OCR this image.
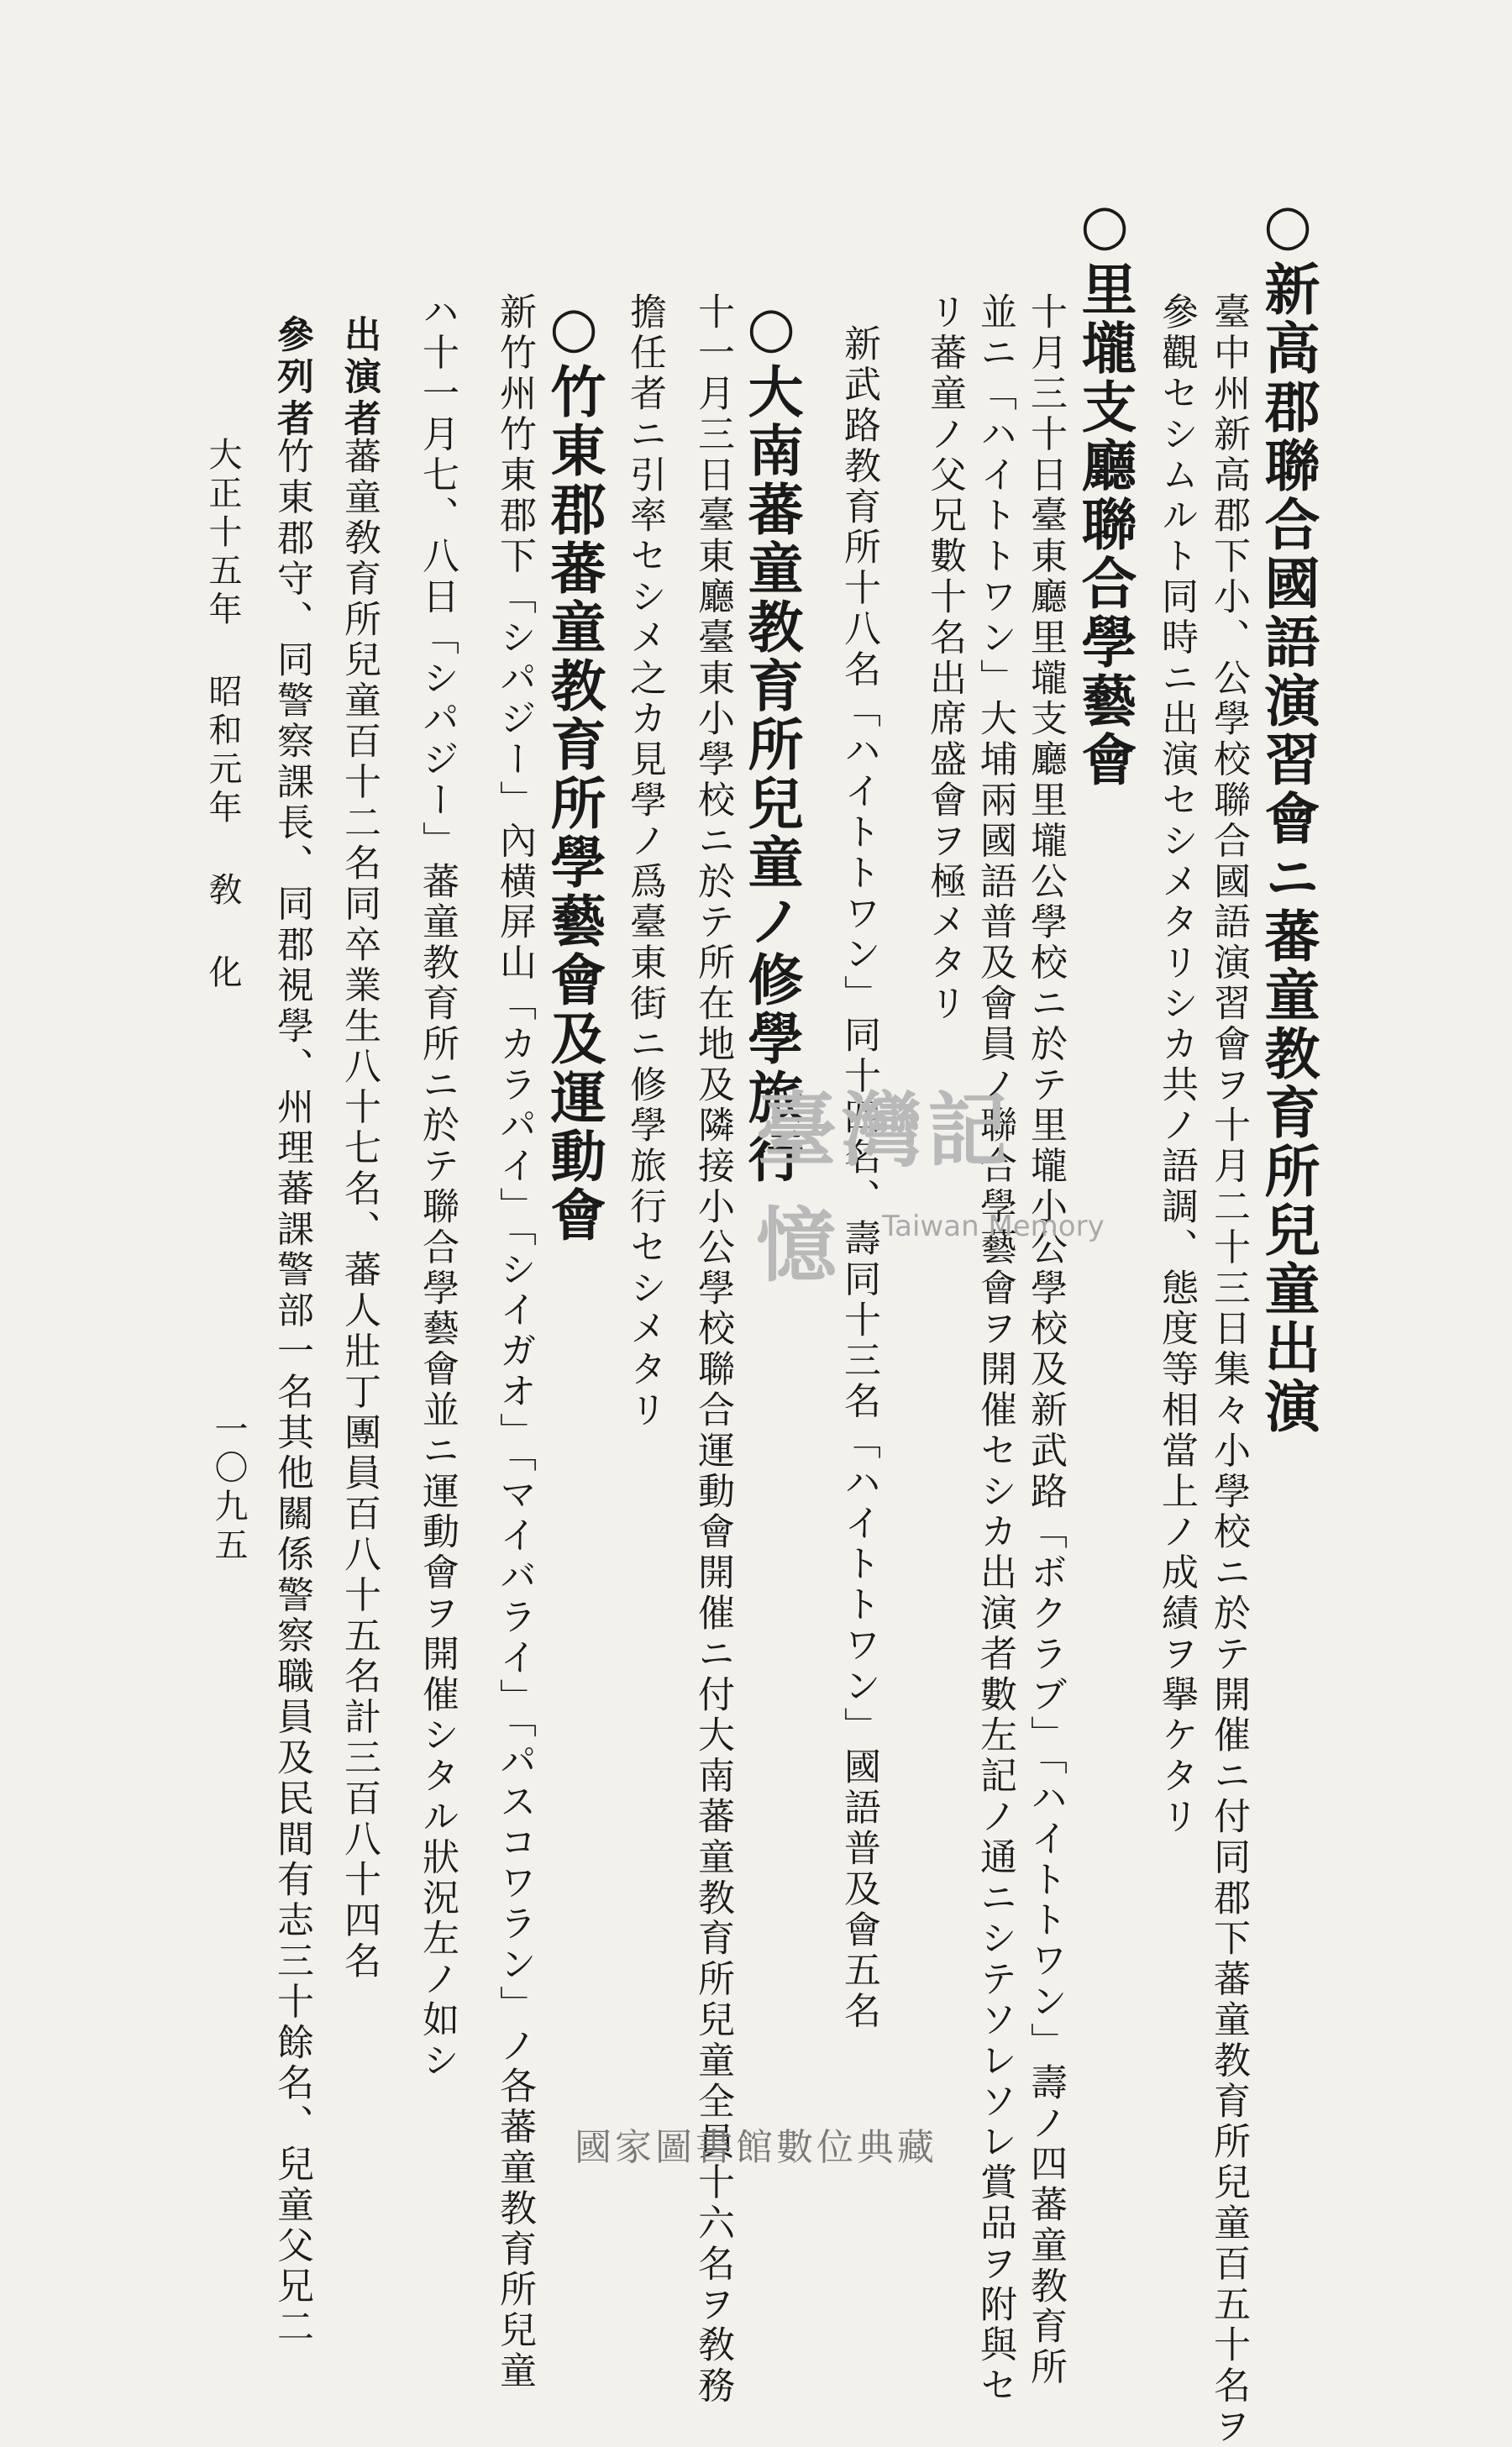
○新高郡聯合國語演習會ニ蕃童教育所兒童出演
臺中州新高郡下小、公學校聯合國語演習會ヲ十月二十三日集々小學校ニ於テ開催ニ付同郡下蕃童教育所兒童百五十名ヲ
參觀セシムルト同時ニ出演セシメタリシカ共ノ語調、態度等相當上ノ成績ヲ擧ケタリ
○里壠支廳聯合學藝會
十月三十日臺東廳里壠支廳里壠公學校ニ於テ里壠小公學校及新武路「ボクラブ」「ハイトトワン」壽ノ四蕃童教育所
並ニ「ハイトトワン」大埔兩國語普及會員ノ聯合學藝會ヲ開催セシカ出演者數左記ノ通ニシテソレソレ賞品ヲ附與セ
リ蕃童ノ父兄數十名出席盛會ヲ極メタリ
新武路教育所十八名「ハイトトワン」同十四名、壽同十三名「ハイトトワン」國語普及會五名
○大南蕃童教育所兒童ノ修學旅行
十一月三日臺東廳臺東小學校ニ於テ所在地及隣接小公學校聯合運動會開催ニ付大南蕃童教育所兒童全員十六名ヲ敎務
擔任者ニ引率セシメ之カ見學ノ爲臺東街ニ修學旅行セシメタリ
○竹東郡蕃童教育所學藝會及運動會
新竹州竹東郡下「シパジー」內横屏山「カラパイ」「シイガオ」「マイバライ」「パスコワラン」ノ各蕃童教育所兒童
ハ十一月七、八日「シパジー」蕃童教育所ニ於テ聯合學藝會並ニ運動會ヲ開催シタル狀況左ノ如シ
出演者
蕃童敎育所兒童百十二名同卒業生八十七名、蕃人壯丁團員百八十五名計三百八十四名
參列者
竹東郡守、同警察課長、同郡視學、州理蕃課警部一名其他關係警察職員及民間有志三十餘名、兒童父兄二
大正十五年 昭和元年 敎 化
一〇九五
臺灣記憶	Taiwan Memory
國家圖書館數位典藏
